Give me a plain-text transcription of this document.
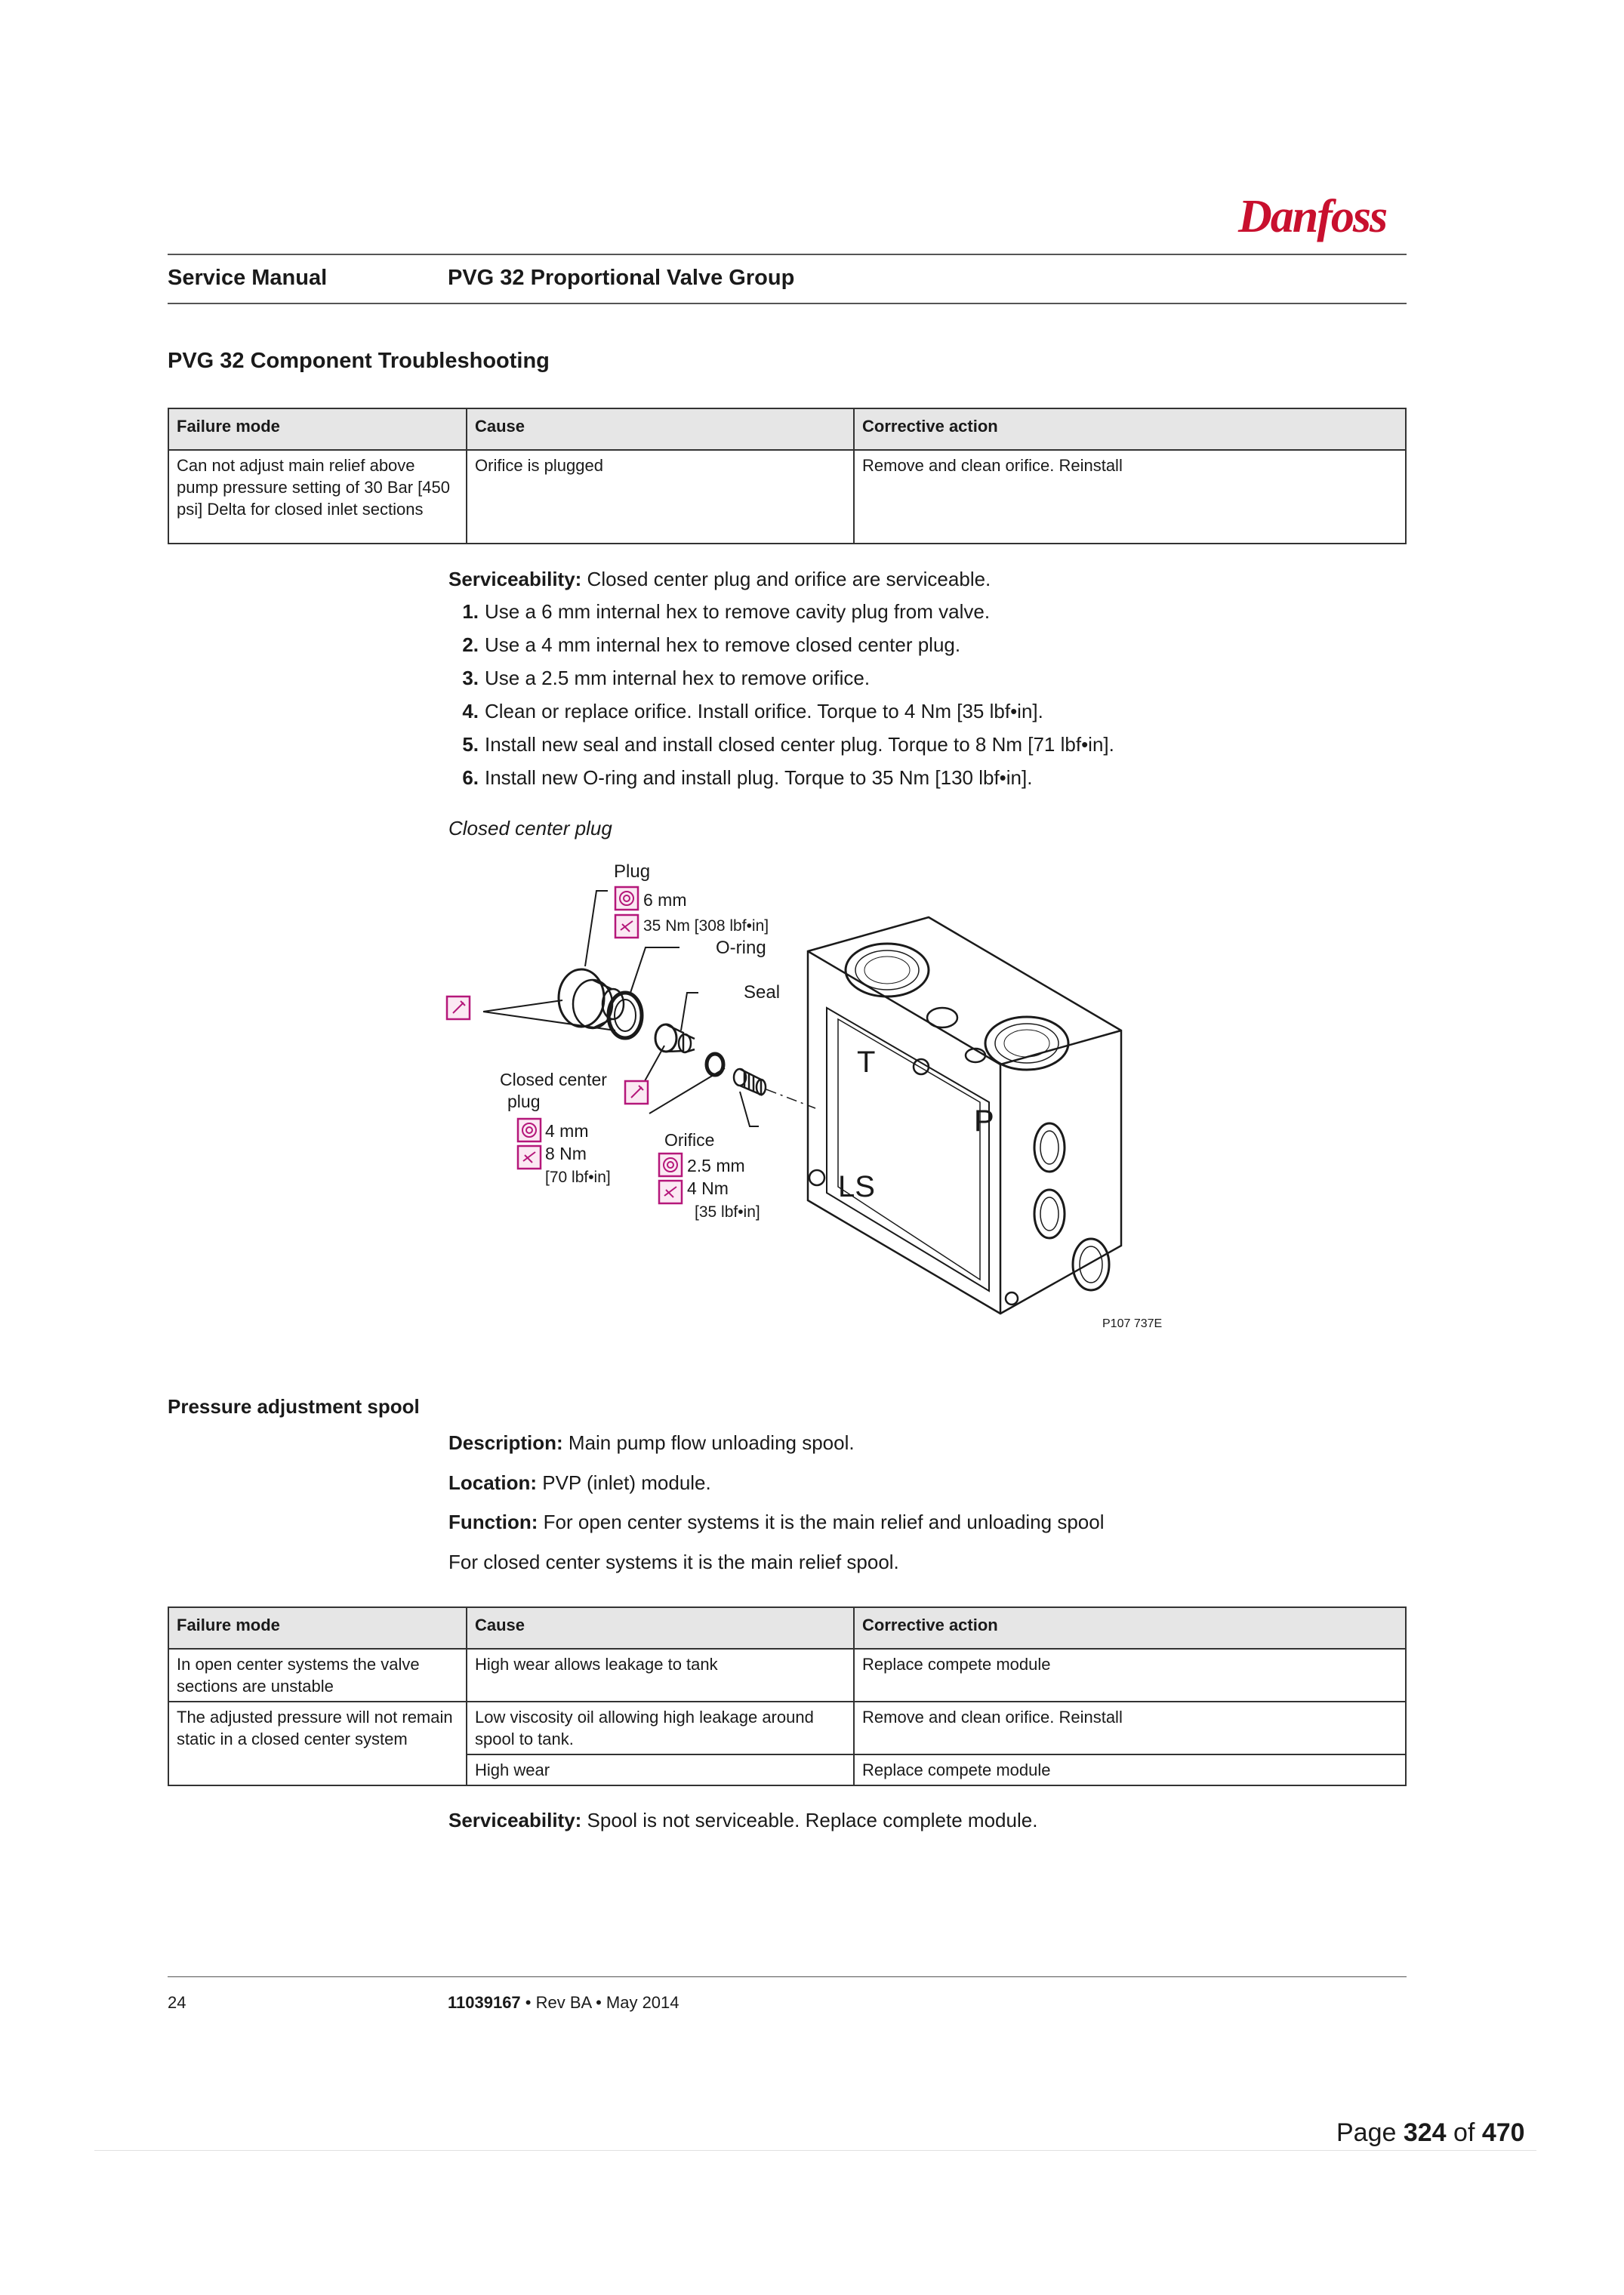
Danfoss
Service Manual	PVG 32 Proportional Valve Group
PVG 32 Component Troubleshooting
Failure mode	Cause	Corrective action
Can not adjust main relief above pump pressure setting of 30 Bar [450 psi] Delta for closed inlet sections	Orifice is plugged	Remove and clean orifice. Reinstall
Serviceability: Closed center plug and orifice are serviceable.
1. Use a 6 mm internal hex to remove cavity plug from valve.
2. Use a 4 mm internal hex to remove closed center plug.
3. Use a 2.5 mm internal hex to remove orifice.
4. Clean or replace orifice. Install orifice. Torque to 4 Nm [35 lbf•in].
5. Install new seal and install closed center plug. Torque to 8 Nm [71 lbf•in].
6. Install new O-ring and install plug. Torque to 35 Nm [130 lbf•in].
Closed center plug
Plug
6 mm
35 Nm [308 lbf•in]
O-ring
Seal
Closed center
plug
4 mm
8 Nm
[70 lbf•in]
Orifice
2.5 mm
4 Nm
[35 lbf•in]
T
P
LS
P107 737E
Pressure adjustment spool
Description: Main pump flow unloading spool.
Location: PVP (inlet) module.
Function: For open center systems it is the main relief and unloading spool
For closed center systems it is the main relief spool.
Failure mode	Cause	Corrective action
In open center systems the valve sections are unstable	High wear allows leakage to tank	Replace compete module
The adjusted pressure will not remain static in a closed center system	Low viscosity oil allowing high leakage around spool to tank.	Remove and clean orifice. Reinstall
	High wear	Replace compete module
Serviceability: Spool is not serviceable. Replace complete module.
24	11039167 • Rev BA • May 2014
Page 324 of 470
